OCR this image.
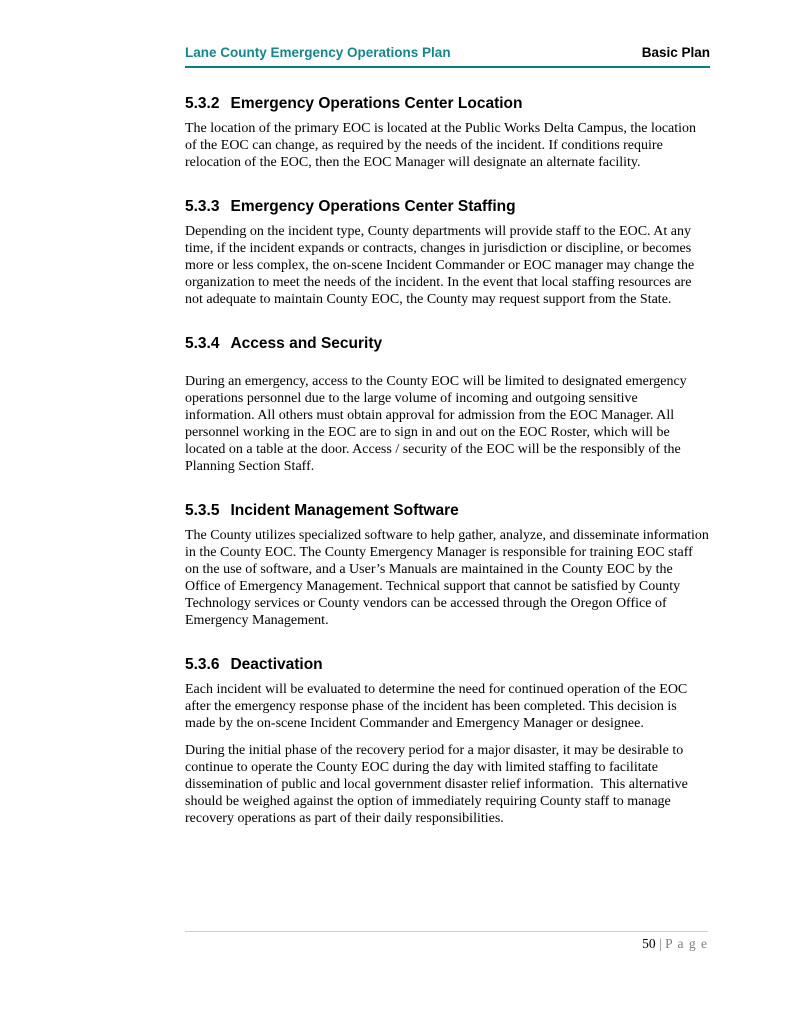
Lane County Emergency Operations Plan	Basic Plan
5.3.2 Emergency Operations Center Location

The location of the primary EOC is located at the Public Works Delta Campus, the location of the EOC can change, as required by the needs of the incident. If conditions require relocation of the EOC, then the EOC Manager will designate an alternate facility.

5.3.3 Emergency Operations Center Staffing

Depending on the incident type, County departments will provide staff to the EOC. At any time, if the incident expands or contracts, changes in jurisdiction or discipline, or becomes more or less complex, the on-scene Incident Commander or EOC manager may change the organization to meet the needs of the incident. In the event that local staffing resources are not adequate to maintain County EOC, the County may request support from the State.

5.3.4 Access and Security

During an emergency, access to the County EOC will be limited to designated emergency operations personnel due to the large volume of incoming and outgoing sensitive information. All others must obtain approval for admission from the EOC Manager. All personnel working in the EOC are to sign in and out on the EOC Roster, which will be located on a table at the door. Access / security of the EOC will be the responsibly of the Planning Section Staff.

5.3.5 Incident Management Software

The County utilizes specialized software to help gather, analyze, and disseminate information in the County EOC. The County Emergency Manager is responsible for training EOC staff on the use of software, and a User’s Manuals are maintained in the County EOC by the Office of Emergency Management. Technical support that cannot be satisfied by County Technology services or County vendors can be accessed through the Oregon Office of Emergency Management.

5.3.6 Deactivation

Each incident will be evaluated to determine the need for continued operation of the EOC after the emergency response phase of the incident has been completed. This decision is made by the on-scene Incident Commander and Emergency Manager or designee.

During the initial phase of the recovery period for a major disaster, it may be desirable to continue to operate the County EOC during the day with limited staffing to facilitate dissemination of public and local government disaster relief information.  This alternative should be weighed against the option of immediately requiring County staff to manage recovery operations as part of their daily responsibilities.

50 | P a g e
